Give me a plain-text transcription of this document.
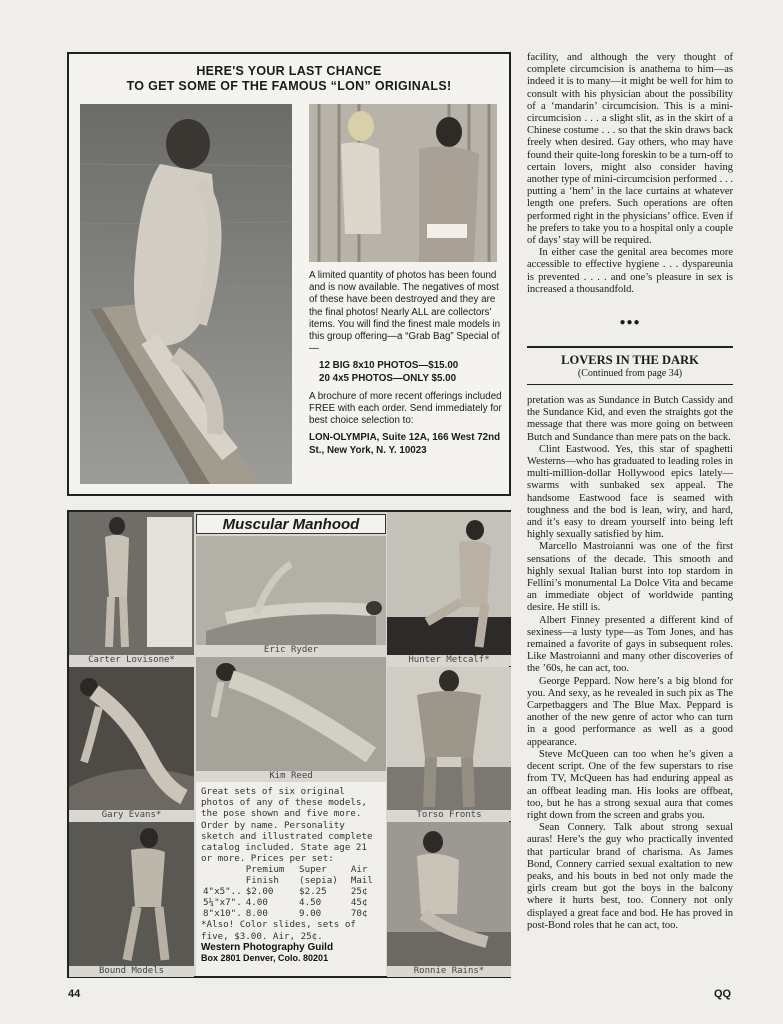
HERE'S YOUR LAST CHANCE
TO GET SOME OF THE FAMOUS “LON” ORIGINALS!

A limited quantity of photos has been found and is now available. The negatives of most of these have been destroyed and they are the final photos! Nearly ALL are collectors' items. You will find the finest male models in this group offering—a “Grab Bag” Special of—

12 BIG 8x10 PHOTOS—$15.00
20 4x5 PHOTOS—ONLY $5.00

A brochure of more recent offerings included FREE with each order. Send immediately for best choice selection to:

LON-OLYMPIA, Suite 12A, 166 West 72nd St., New York, N. Y. 10023

Carter Lovisone*
Muscular Manhood
Eric Ryder
Hunter Metcalf*
Gary Evans*
Kim Reed
Torso Fronts
Bound Models
Great sets of six original photos of any of these models, the pose shown and five more. Order by name. Personality sketch and illustrated complete catalog included. State age 21 or more. Prices per set:
	Premium Finish	Super (sepia)	Air Mail
4"x5"..	$2.00	$2.25	25¢
5¼"x7".	4.00	4.50	45¢
8"x10".	8.00	9.00	70¢
*Also! Color slides, sets of five, $3.00. Air, 25¢.
Western Photography Guild
Box 2801 Denver, Colo. 80201
Ronnie Rains*

facility, and although the very thought of complete circumcision is anathema to him—as indeed it is to many—it might be well for him to consult with his physician about the possibility of a ‘mandarin’ circumcision. This is a mini-circumcision . . . a slight slit, as in the skirt of a Chinese costume . . . so that the skin draws back freely when desired. Gay others, who may have found their quite-long foreskin to be a turn-off to certain lovers, might also consider having another type of mini-circumcision performed . . . putting a ‘hem’ in the lace curtains at whatever length one prefers. Such operations are often performed right in the physicians’ office. Even if he prefers to take you to a hospital only a couple of days’ stay will be required.

In either case the genital area becomes more accessible to effective hygiene . . . dyspareunia is prevented . . . . and one’s pleasure in sex is increased a thousandfold.

●●●
LOVERS IN THE DARK
(Continued from page 34)

pretation was as Sundance in Butch Cassidy and the Sundance Kid, and even the straights got the message that there was more going on between Butch and Sundance than mere pats on the back.

Clint Eastwood. Yes, this star of spaghetti Westerns—who has graduated to leading roles in multi-million-dollar Hollywood epics lately—swarms with sunbaked sex appeal. The handsome Eastwood face is seamed with toughness and the bod is lean, wiry, and hard, and it’s easy to dream yourself into being left highly sexually satisfied by him.

Marcello Mastroianni was one of the first sensations of the decade. This smooth and highly sexual Italian burst into top stardom in Fellini’s monumental La Dolce Vita and became an immediate object of worldwide panting desire. He still is.

Albert Finney presented a different kind of sexiness—a lusty type—as Tom Jones, and has remained a favorite of gays in subsequent roles. Like Mastroianni and many other discoveries of the ’60s, he can act, too.

George Peppard. Now here’s a big blond for you. And sexy, as he revealed in such pix as The Carpetbaggers and The Blue Max. Peppard is another of the new genre of actor who can turn in a good performance as well as a good appearance.

Steve McQueen can too when he’s given a decent script. One of the few superstars to rise from TV, McQueen has had enduring appeal as an offbeat leading man. His looks are offbeat, too, but he has a strong sexual aura that comes right down from the screen and grabs you.

Sean Connery. Talk about strong sexual auras! Here’s the guy who practically invented that particular brand of charisma. As James Bond, Connery carried sexual exaltation to new peaks, and his bouts in bed not only made the girls cream but got the boys in the balcony where it hurts best, too. Connery not only displayed a great face and bod. He has proved in post-Bond roles that he can act, too.

44	QQ
